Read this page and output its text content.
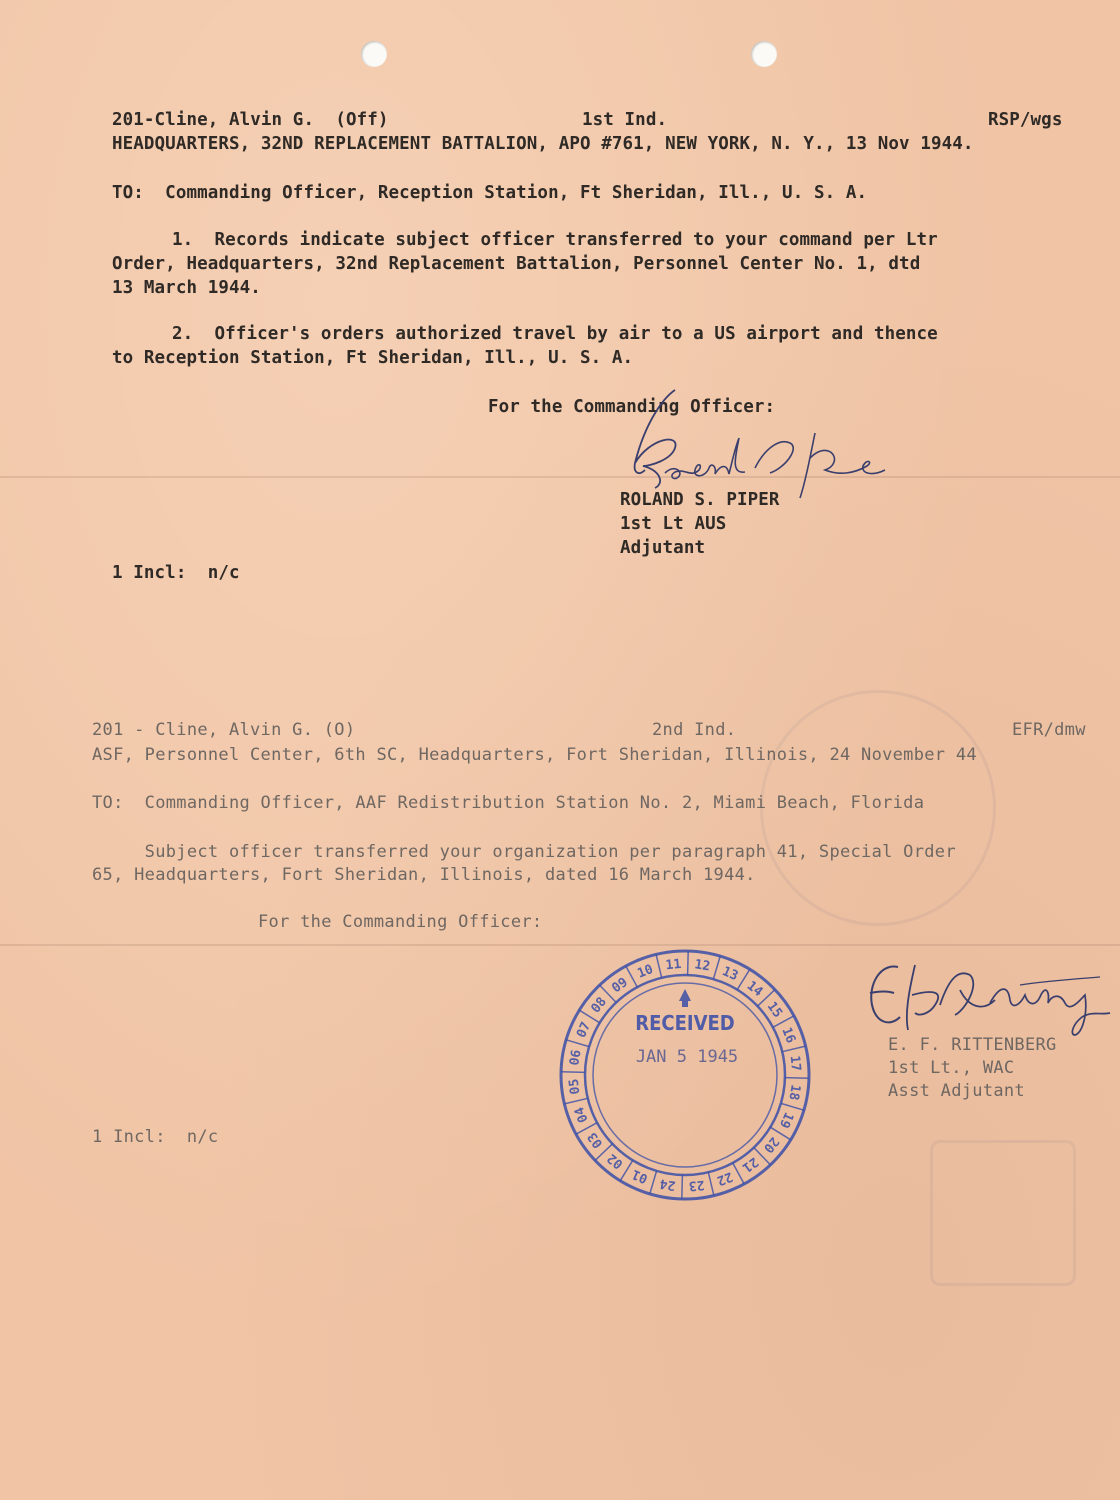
201-Cline, Alvin G.  (Off)	1st Ind.	RSP/wgs
HEADQUARTERS, 32ND REPLACEMENT BATTALION, APO #761, NEW YORK, N. Y., 13 Nov 1944.
TO:  Commanding Officer, Reception Station, Ft Sheridan, Ill., U. S. A.
1.  Records indicate subject officer transferred to your command per Ltr
Order, Headquarters, 32nd Replacement Battalion, Personnel Center No. 1, dtd
13 March 1944.
2.  Officer's orders authorized travel by air to a US airport and thence
to Reception Station, Ft Sheridan, Ill., U. S. A.
For the Commanding Officer:
ROLAND S. PIPER
1st Lt AUS
Adjutant
1 Incl:  n/c
201 - Cline, Alvin G. (O)	2nd Ind.	EFR/dmw
ASF, Personnel Center, 6th SC, Headquarters, Fort Sheridan, Illinois, 24 November 44
TO:  Commanding Officer, AAF Redistribution Station No. 2, Miami Beach, Florida
Subject officer transferred your organization per paragraph 41, Special Order
65, Headquarters, Fort Sheridan, Illinois, dated 16 March 1944.
For the Commanding Officer:
E. F. RITTENBERG
1st Lt., WAC
Asst Adjutant
1 Incl:  n/c
01
02
03
04
05
06
07
08
09
10 11 12 13
14
15
16
17
18
19
20
21
22
23
24
RECEIVED
JAN 5 1945
